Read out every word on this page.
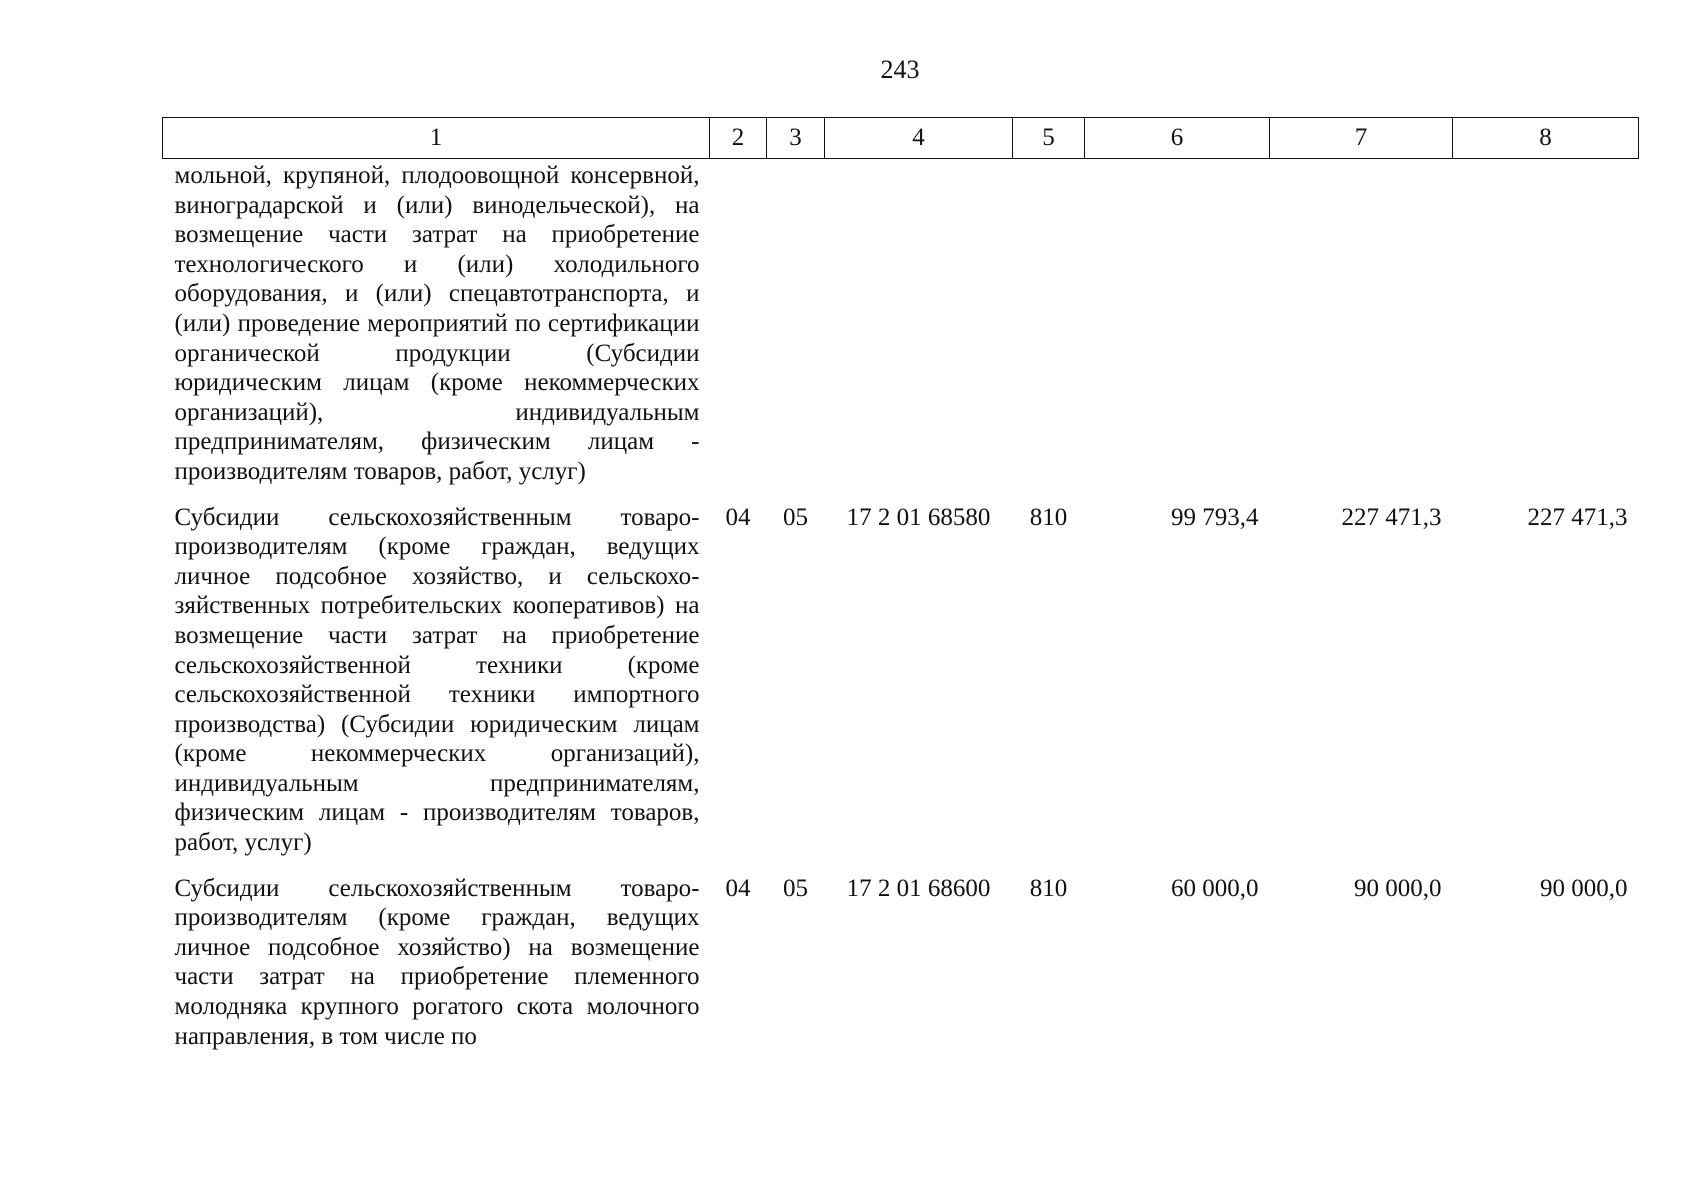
243
1	2	3	4	5	6	7	8
мольной, крупяной, плодоовощной консервной, виноградарской и (или) винодельческой), на возмещение части затрат на приобретение технологического и (или) холодильного оборудования, и (или) спецавтотранспорта, и (или) проведение мероприятий по сертификации органической продукции (Субсидии юридическим лицам (кроме некоммерческих организаций), индивидуальным предпринимателям, физическим лицам - производителям товаров, работ, услуг)							
Субсидии сельскохозяйственным товаропроизводителям (кроме граждан, ведущих личное подсобное хозяйство, и сельскохозяйственных потребительских кооперативов) на возмещение части затрат на приобретение сельскохозяйственной техники (кроме сельскохозяйственной техники импортного производства) (Субсидии юридическим лицам (кроме некоммерческих организаций), индивидуальным предпринимателям, физическим лицам - производителям товаров, работ, услуг)	04	05	17 2 01 68580	810	99 793,4	227 471,3	227 471,3
Субсидии сельскохозяйственным товаропроизводителям (кроме граждан, ведущих личное подсобное хозяйство) на возмещение части затрат на приобретение племенного молодняка крупного рогатого скота молочного направления, в том числе по	04	05	17 2 01 68600	810	60 000,0	90 000,0	90 000,0
